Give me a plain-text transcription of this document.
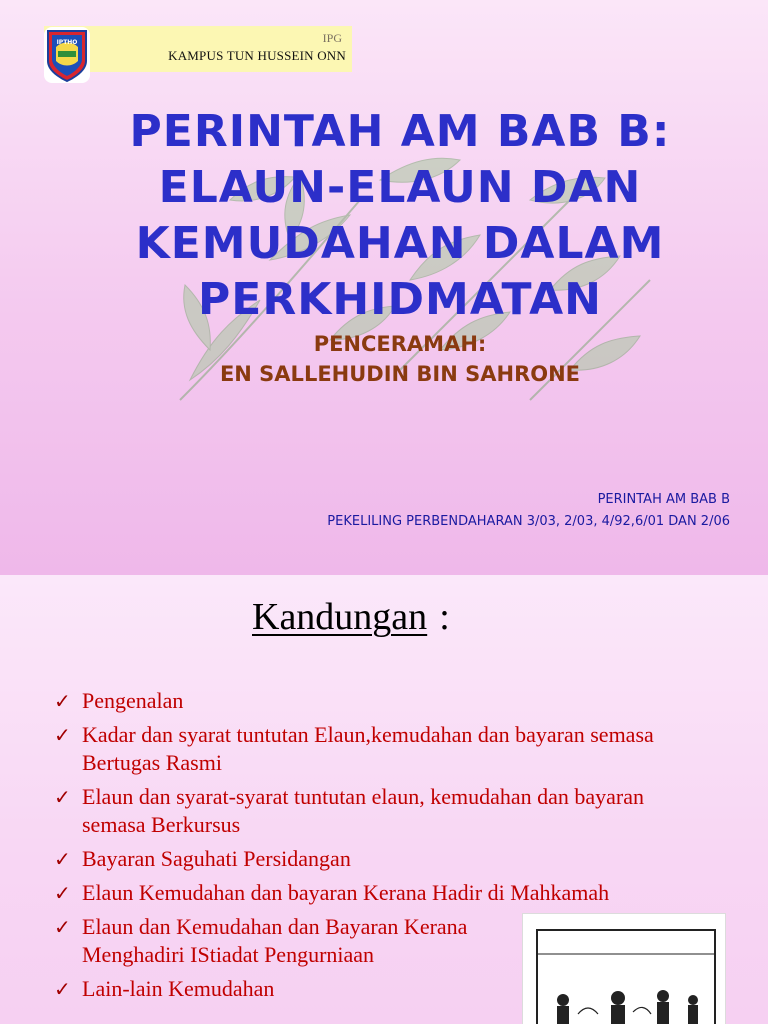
IPTHO	IPG
KAMPUS TUN HUSSEIN ONN
PERINTAH AM BAB B:
ELAUN-ELAUN DAN
KEMUDAHAN DALAM
PERKHIDMATAN
PENCERAMAH:
EN SALLEHUDIN BIN SAHRONE
PERINTAH AM BAB B
PEKELILING PERBENDAHARAN 3/03, 2/03, 4/92,6/01 DAN 2/06
Kandungan :
✓ Pengenalan
✓ Kadar dan syarat tuntutan Elaun,kemudahan dan bayaran semasa Bertugas Rasmi
✓ Elaun dan syarat-syarat tuntutan elaun, kemudahan dan bayaran semasa Berkursus
✓ Bayaran Saguhati Persidangan
✓ Elaun Kemudahan dan bayaran Kerana Hadir di Mahkamah
✓ Elaun dan Kemudahan dan Bayaran Kerana Menghadiri IStiadat Pengurniaan
✓ Lain-lain Kemudahan
